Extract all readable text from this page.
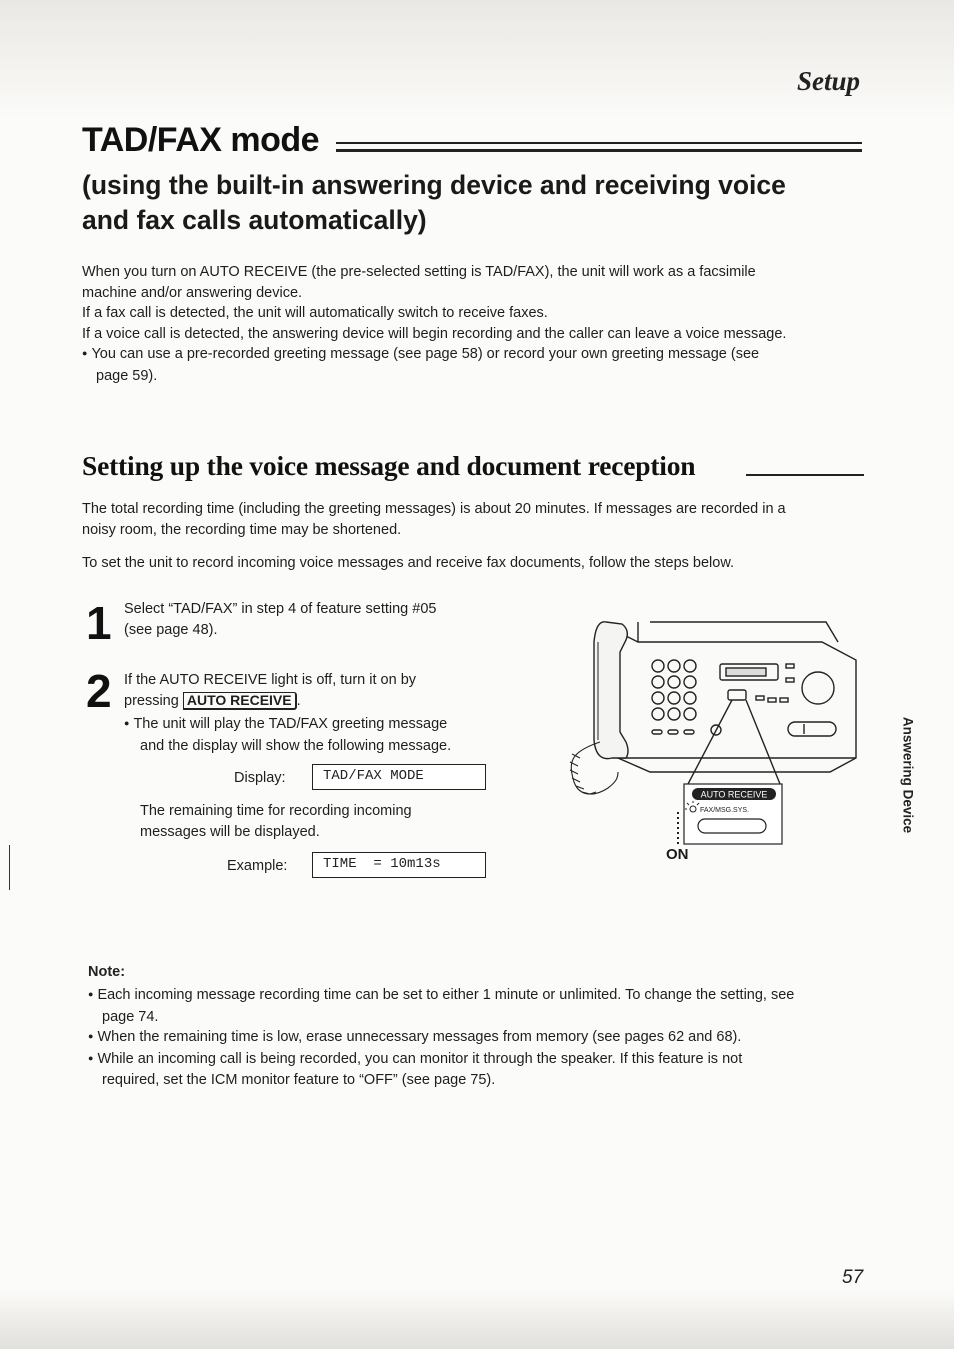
Setup
TAD/FAX mode
(using the built-in answering device and receiving voice
and fax calls automatically)

When you turn on AUTO RECEIVE (the pre-selected setting is TAD/FAX), the unit will work as a facsimile

machine and/or answering device.

If a fax call is detected, the unit will automatically switch to receive faxes.

If a voice call is detected, the answering device will begin recording and the caller can leave a voice message.

● You can use a pre-recorded greeting message (see page 58) or record your own greeting message (see

page 59).

Setting up the voice message and document reception
The total recording time (including the greeting messages) is about 20 minutes. If messages are recorded in a
noisy room, the recording time may be shortened.
To set the unit to record incoming voice messages and receive fax documents, follow the steps below.
1 Select “TAD/FAX” in step 4 of feature setting #05
(see page 48).
2 If the AUTO RECEIVE light is off, turn it on by
pressing AUTO RECEIVE .
● The unit will play the TAD/FAX greeting message
and the display will show the following message.
Display:	TAD/FAX MODE
The remaining time for recording incoming
messages will be displayed.
Example:	TIME  = 10m13s
AUTO RECEIVE
FAX/MSG.SYS.
ON
Answering Device
Note:

● Each incoming message recording time can be set to either 1 minute or unlimited. To change the setting, see

page 74.

● When the remaining time is low, erase unnecessary messages from memory (see pages 62 and 68).

● While an incoming call is being recorded, you can monitor it through the speaker. If this feature is not

required, set the ICM monitor feature to “OFF” (see page 75).

57
